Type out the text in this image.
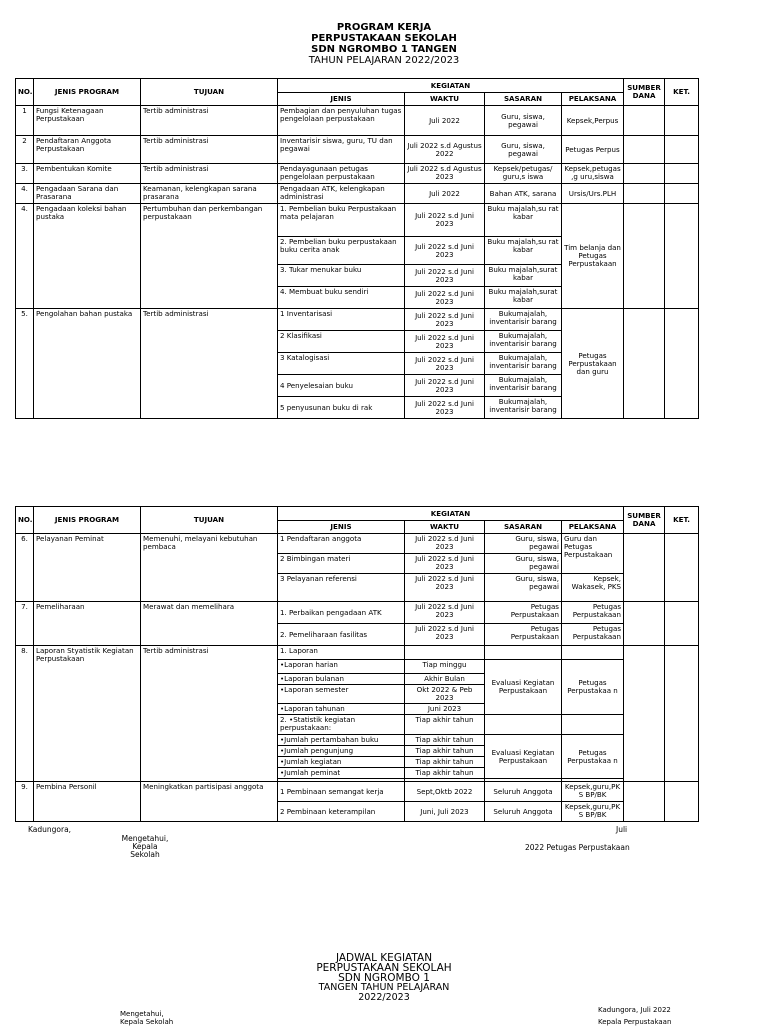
PROGRAM KERJA
PERPUSTAKAAN SEKOLAH
SDN NGROMBO 1 TANGEN
TAHUN PELAJARAN 2022/2023
NO.	JENIS PROGRAM	TUJUAN	KEGIATAN				SUMBER DANA	KET.
			JENIS	WAKTU	SASARAN	PELAKSANA		
1	Fungsi Ketenagaan Perpustakaan	Tertib administrasi	Pembagian dan penyuluhan tugas pengelolaan perpustakaan	Juli 2022	Guru, siswa, pegawai	Kepsek,Perpus		
2	Pendaftaran Anggota Perpustakaan	Tertib administrasi	Inventarisir siswa, guru, TU dan pegawai	Juli 2022 s.d Agustus 2022	Guru, siswa, pegawai	Petugas Perpus		
3.	Pembentukan Komite	Tertib administrasi	Pendayagunaan petugas pengelolaan perpustakaan	Juli 2022 s.d Agustus 2023	Kepsek/petugas/ guru,s iswa	Kepsek,petugas ,g uru,siswa		
4.	Pengadaan Sarana dan Prasarana	Keamanan, kelengkapan sarana prasarana	Pengadaan ATK, kelengkapan administrasi	Juli 2022	Bahan ATK, sarana	Ursis/Urs.PLH		
4.	Pengadaan koleksi bahan pustaka	Pertumbuhan dan perkembangan perpustakaan	1. Pembelian buku Perpustakaan mata pelajaran	Juli 2022 s.d Juni 2023	Buku majalah,su rat kabar	Tim belanja dan Petugas Perpustakaan		
			2. Pembelian buku perpustakaan buku cerita anak	Juli 2022 s.d Juni 2023	Buku majalah,su rat kabar			
			3. Tukar menukar buku	Juli 2022 s.d Juni 2023	Buku majalah,surat kabar			
			4. Membuat buku sendiri	Juli 2022 s.d Juni 2023	Buku majalah,surat kabar			
5.	Pengolahan bahan pustaka	Tertib administrasi	1 Inventarisasi	Juli 2022 s.d Juni 2023	Bukumajalah, inventarisir barang	Petugas Perpustakaan dan guru		
			2 Klasifikasi	Juli 2022 s.d Juni 2023	Bukumajalah, inventarisir barang			
			3 Katalogisasi	Juli 2022 s.d Juni 2023	Bukumajalah, inventarisir barang			
			4 Penyelesaian buku	Juli 2022 s.d Juni 2023	Bukumajalah, inventarisir barang			
			5 penyusunan buku di rak	Juli 2022 s.d Juni 2023	Bukumajalah, inventarisir barang			
NO.	JENIS PROGRAM	TUJUAN	KEGIATAN				SUMBER DANA	KET.
			JENIS	WAKTU	SASARAN	PELAKSANA		
6.	Pelayanan Peminat	Memenuhi, melayani kebutuhan pembaca	1 Pendaftaran anggota	Juli 2022 s.d Juni 2023	Guru, siswa, pegawai	Guru dan Petugas Perpustakaan		
			2 Bimbingan materi	Juli 2022 s.d Juni 2023	Guru, siswa, pegawai			
			3 Pelayanan referensi	Juli 2022 s.d Juni 2023	Guru, siswa, pegawai	Kepsek, Wakasek, PKS		
7.	Pemeliharaan	Merawat dan memelihara	1. Perbaikan pengadaan ATK	Juli 2022 s.d Juni 2023	Petugas Perpustakaan	Petugas Perpustakaan		
			2. Pemeliharaan fasilitas	Juli 2022 s.d Juni 2023	Petugas Perpustakaan	Petugas Perpustakaan		
8.	Laporan Styatistik Kegiatan Perpustakaan	Tertib administrasi	1. Laporan					
			•Laporan harian	Tiap minggu	Evaluasi Kegiatan Perpustakaan	Petugas Perpustakaa n		
			•Laporan bulanan	Akhir Bulan				
			•Laporan semester	Okt 2022 & Peb 2023				
			•Laporan tahunan	Juni 2023				
			2. •Statistik kegiatan perpustakaan:	Tiap akhir tahun				
			•Jumlah pertambahan buku	Tiap akhir tahun	Evaluasi Kegiatan Perpustakaan	Petugas Perpustakaa n		
			•Jumlah pengunjung	Tiap akhir tahun				
			•Jumlah kegiatan	Tiap akhir tahun				
			•Jumlah peminat	Tiap akhir tahun				

9.	Pembina Personil	Meningkatkan partisipasi anggota	1 Pembinaan semangat kerja	Sept,Oktb 2022	Seluruh Anggota	Kepsek,guru,PK S BP/BK		
			2 Pembinaan keterampilan	Juni, Juli 2023	Seluruh Anggota	Kepsek,guru,PK S BP/BK		
Kadungora,
Mengetahui,
Kepala
Sekolah
Juli
2022 Petugas Perpustakaan
JADWAL KEGIATAN
PERPUSTAKAAN SEKOLAH
SDN NGROMBO 1
TANGEN TAHUN PELAJARAN
2022/2023
Mengetahui,
Kepala Sekolah
Kadungora, Juli 2022
Kepala Perpustakaan
